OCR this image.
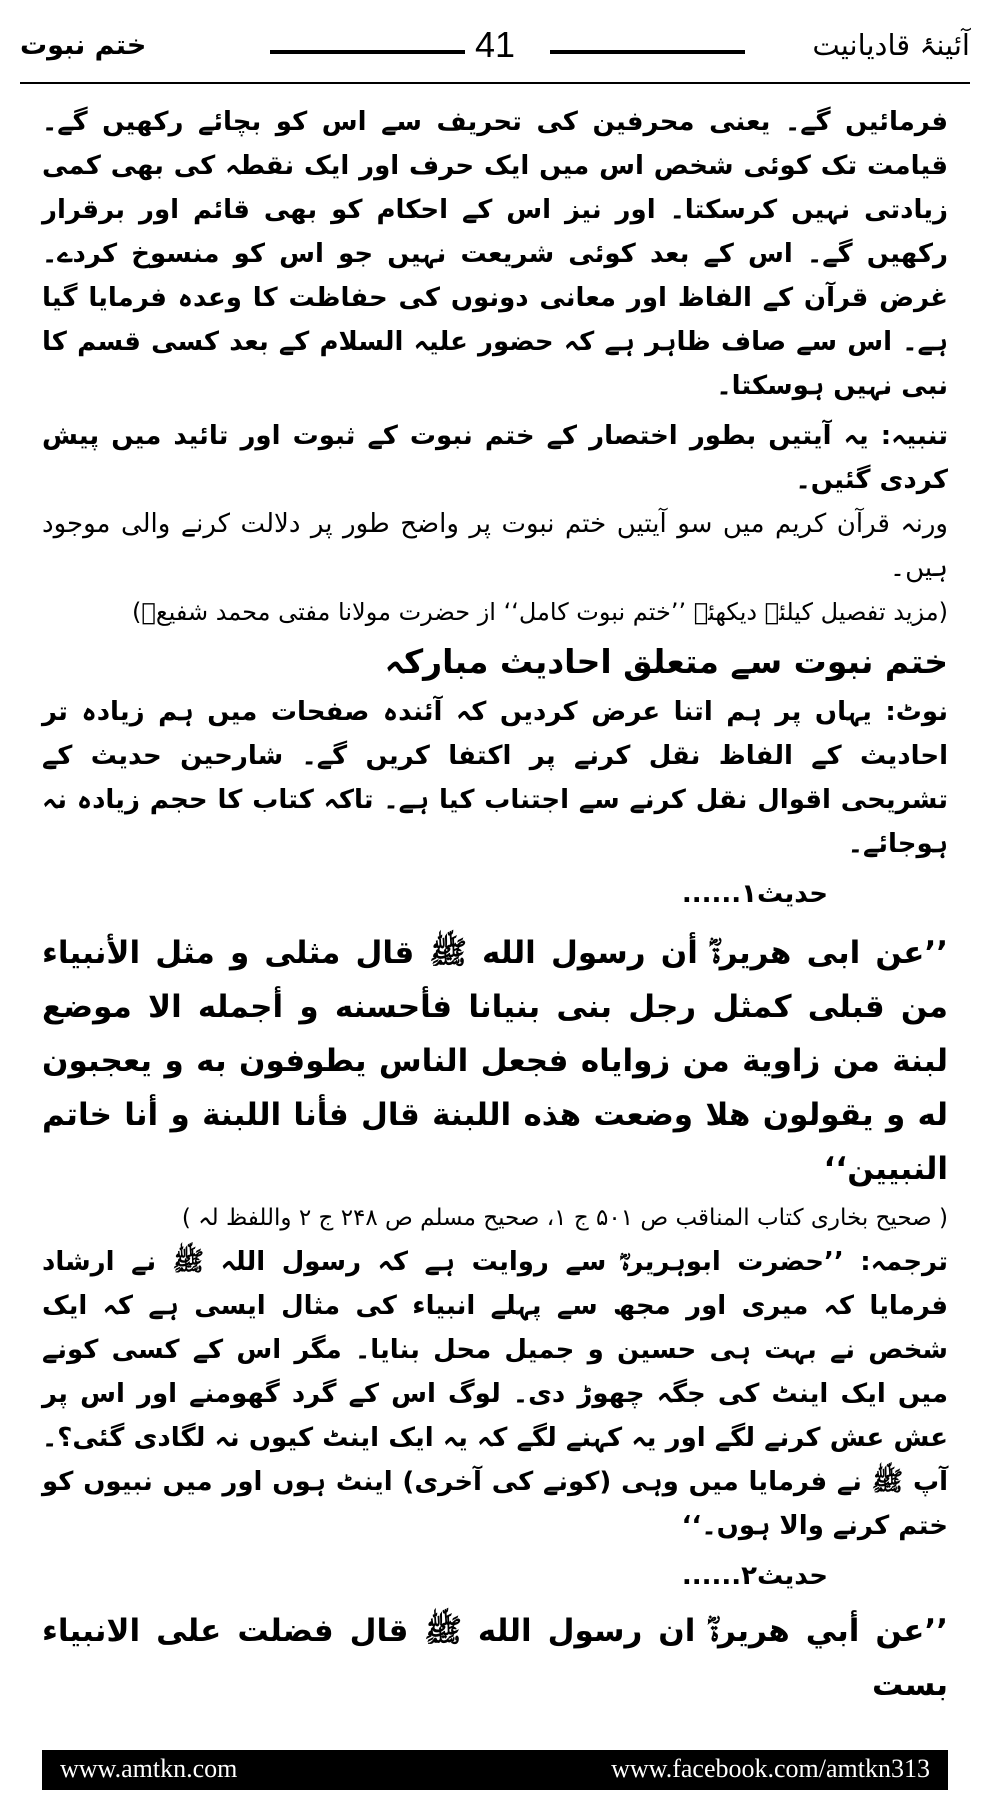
ختم نبوت	41	آئینۂ قادیانیت

فرمائیں گے۔ یعنی محرفین کی تحریف سے اس کو بچائے رکھیں گے۔ قیامت تک کوئی شخص اس میں ایک حرف اور ایک نقطہ کی بھی کمی زیادتی نہیں کرسکتا۔ اور نیز اس کے احکام کو بھی قائم اور برقرار رکھیں گے۔ اس کے بعد کوئی شریعت نہیں جو اس کو منسوخ کردے۔ غرض قرآن کے الفاظ اور معانی دونوں کی حفاظت کا وعدہ فرمایا گیا ہے۔ اس سے صاف ظاہر ہے کہ حضور علیہ السلام کے بعد کسی قسم کا نبی نہیں ہوسکتا۔

تنبیہ: یہ آیتیں بطور اختصار کے ختم نبوت کے ثبوت اور تائید میں پیش کردی گئیں۔

ورنہ قرآن کریم میں سو آیتیں ختم نبوت پر واضح طور پر دلالت کرنے والی موجود ہیں۔

(مزید تفصیل کیلئے دیکھئے ’’ختم نبوت کامل‘‘ از حضرت مولانا مفتی محمد شفیعؒ)

ختم نبوت سے متعلق احادیث مبارکہ

نوٹ: یہاں پر ہم اتنا عرض کردیں کہ آئندہ صفحات میں ہم زیادہ تر احادیث کے الفاظ نقل کرنے پر اکتفا کریں گے۔ شارحین حدیث کے تشریحی اقوال نقل کرنے سے اجتناب کیا ہے۔ تاکہ کتاب کا حجم زیادہ نہ ہوجائے۔

حدیث۱......

’’عن ابی هريرةؓ أن رسول الله ﷺ قال مثلی و مثل الأنبياء من قبلی كمثل رجل بنى بنيانا فأحسنه و أجمله الا موضع لبنة من زاوية من زواياه فجعل الناس يطوفون به و يعجبون له و يقولون هلا وضعت هذه اللبنة قال فأنا اللبنة و أنا خاتم النبيين‘‘

( صحیح بخاری کتاب المناقب ص ۵۰۱ ج ۱، صحیح مسلم ص ۲۴۸ ج ۲ واللفظ لہ )

ترجمہ: ’’حضرت ابوہریرہؓ سے روایت ہے کہ رسول اللہ ﷺ نے ارشاد فرمایا کہ میری اور مجھ سے پہلے انبیاء کی مثال ایسی ہے کہ ایک شخص نے بہت ہی حسین و جمیل محل بنایا۔ مگر اس کے کسی کونے میں ایک اینٹ کی جگہ چھوڑ دی۔ لوگ اس کے گرد گھومنے اور اس پر عش عش کرنے لگے اور یہ کہنے لگے کہ یہ ایک اینٹ کیوں نہ لگادی گئی؟۔ آپ ﷺ نے فرمایا میں وہی (کونے کی آخری) اینٹ ہوں اور میں نبیوں کو ختم کرنے والا ہوں۔‘‘

حدیث۲......

’’عن أبي هريرةؓ ان رسول الله ﷺ قال فضلت على الانبياء بست

www.amtkn.com	www.facebook.com/amtkn313
